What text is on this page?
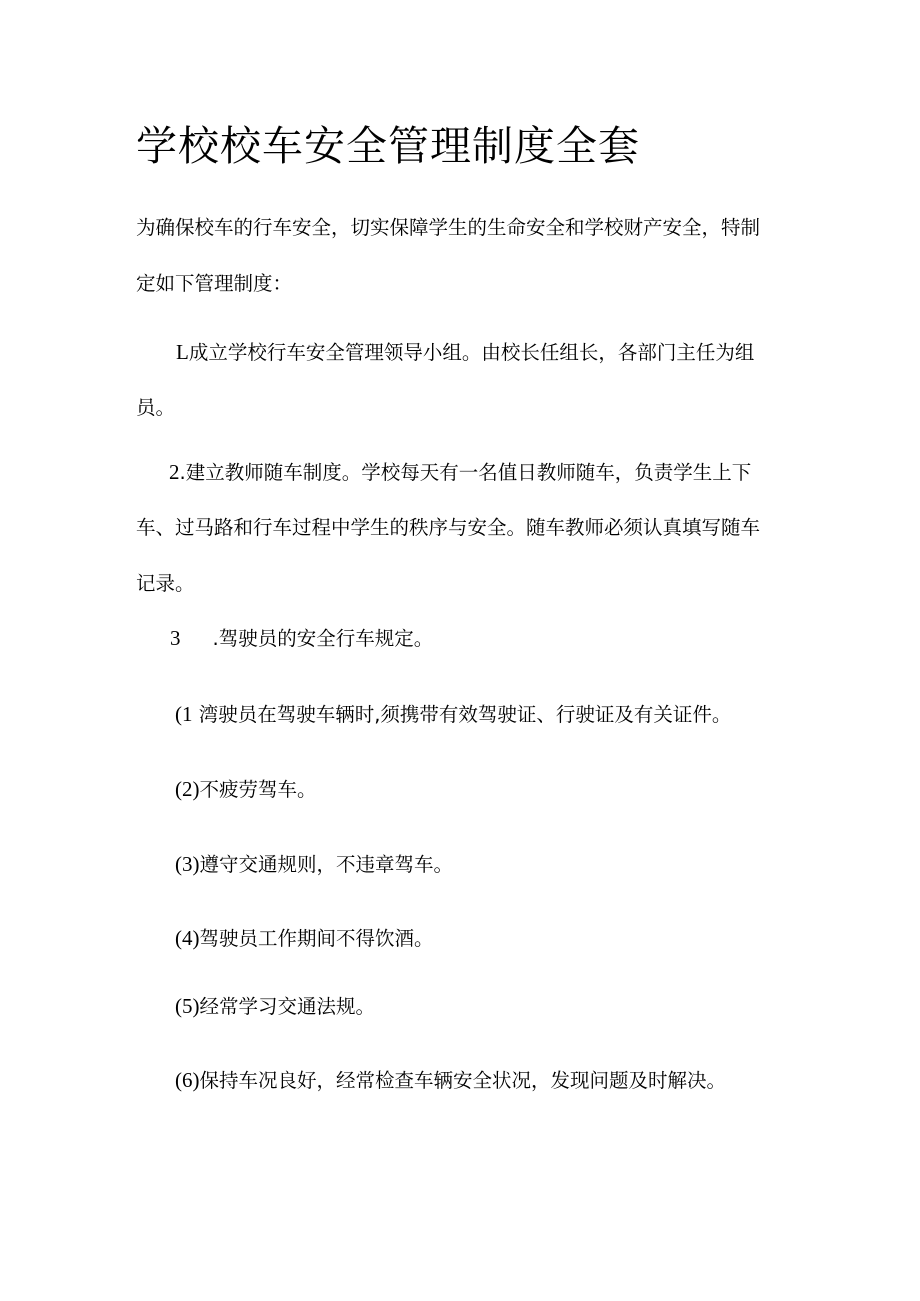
学校校车安全管理制度全套
为确保校车的行车安全，切实保障学生的生命安全和学校财产安全，特制
定如下管理制度：
L成立学校行车安全管理领导小组。由校长任组长，各部门主任为组
员。
2.建立教师随车制度。学校每天有一名值日教师随车，负责学生上下
车、过马路和行车过程中学生的秩序与安全。随车教师必须认真填写随车
记录。
3 .驾驶员的安全行车规定。
(1 湾驶员在驾驶车辆时,须携带有效驾驶证、行驶证及有关证件。
(2)不疲劳驾车。
(3)遵守交通规则，不违章驾车。
(4)驾驶员工作期间不得饮酒。
(5)经常学习交通法规。
(6)保持车况良好，经常检查车辆安全状况，发现问题及时解决。
